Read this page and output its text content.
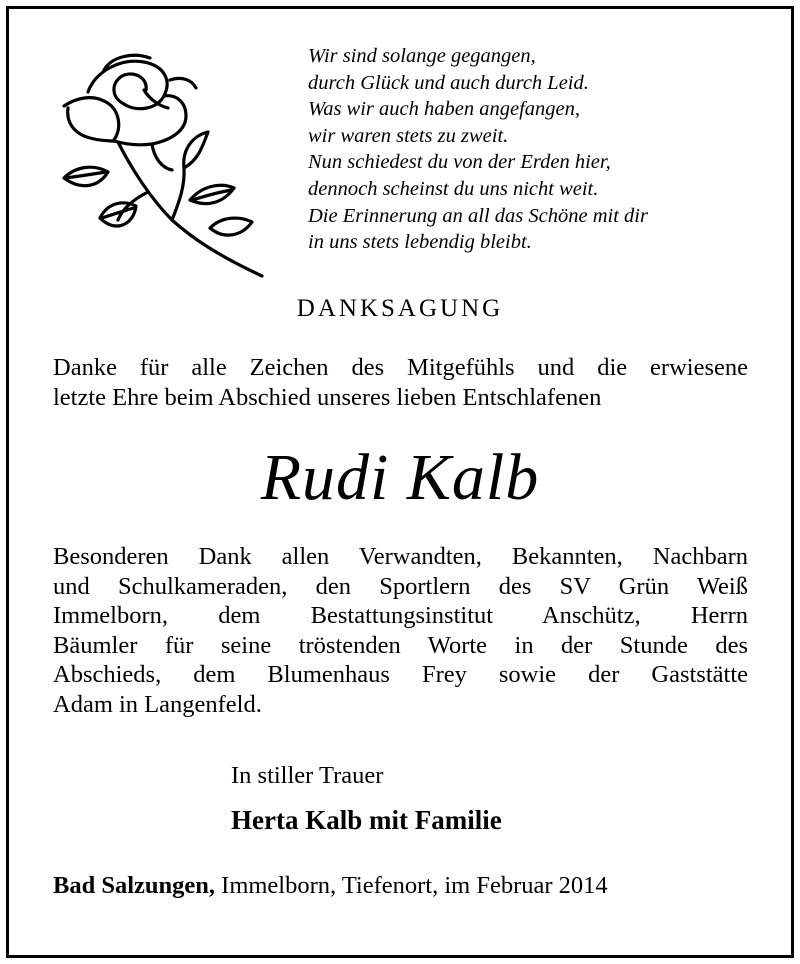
Wir sind solange gegangen,
durch Glück und auch durch Leid.
Was wir auch haben angefangen,
wir waren stets zu zweit.
Nun schiedest du von der Erden hier,
dennoch scheinst du uns nicht weit.
Die Erinnerung an all das Schöne mit dir
in uns stets lebendig bleibt.
DANKSAGUNG
Danke für alle Zeichen des Mitgefühls und die erwiesene
letzte Ehre beim Abschied unseres lieben Entschlafenen
Rudi Kalb
Besonderen Dank allen Verwandten, Bekannten, Nachbarn
und Schulkameraden, den Sportlern des SV Grün Weiß
Immelborn, dem Bestattungsinstitut Anschütz, Herrn
Bäumler für seine tröstenden Worte in der Stunde des
Abschieds, dem Blumenhaus Frey sowie der Gaststätte
Adam in Langenfeld.
In stiller Trauer
Herta Kalb mit Familie
Bad Salzungen, Immelborn, Tiefenort, im Februar 2014
